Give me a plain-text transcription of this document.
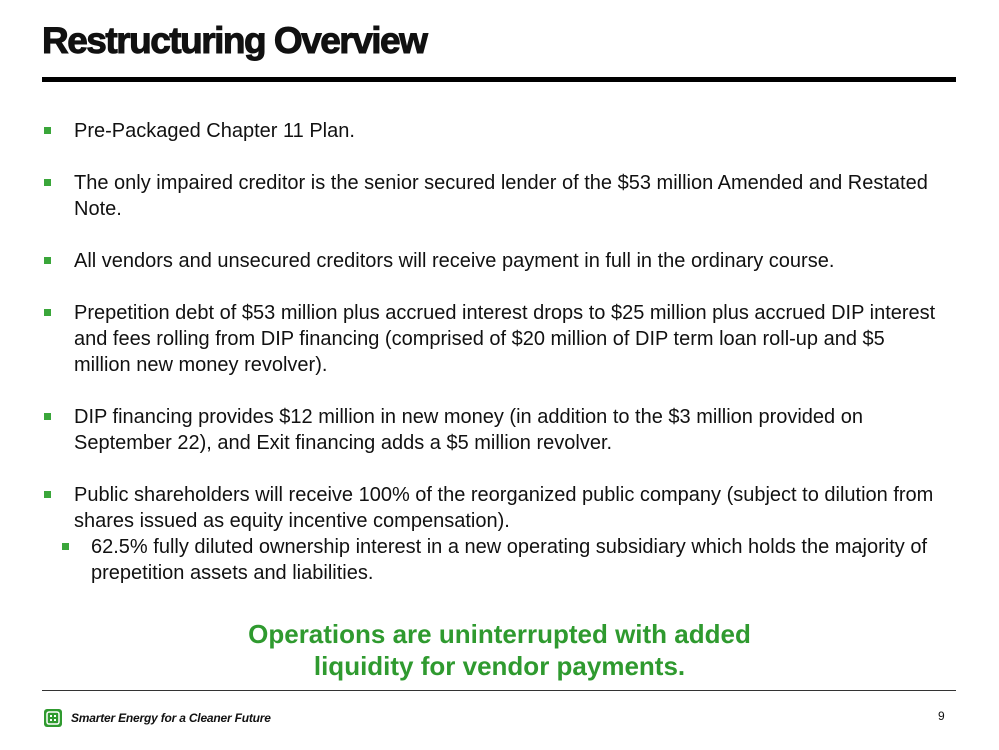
Restructuring Overview
Pre-Packaged Chapter 11 Plan.
The only impaired creditor is the senior secured lender of the $53 million Amended and Restated Note.
All vendors and unsecured creditors will receive payment in full in the ordinary course.
Prepetition debt of $53 million plus accrued interest drops to $25 million plus accrued DIP interest and fees rolling from DIP financing (comprised of $20 million of DIP term loan roll-up and $5 million new money revolver).
DIP financing provides $12 million in new money (in addition to the $3 million provided on September 22), and Exit financing adds a $5 million revolver.
Public shareholders will receive 100% of the reorganized public company (subject to dilution from shares issued as equity incentive compensation).
62.5% fully diluted ownership interest in a new operating subsidiary which holds the majority of prepetition assets and liabilities.
Operations are uninterrupted with added
liquidity for vendor payments.
Smarter Energy for a Cleaner Future	9
